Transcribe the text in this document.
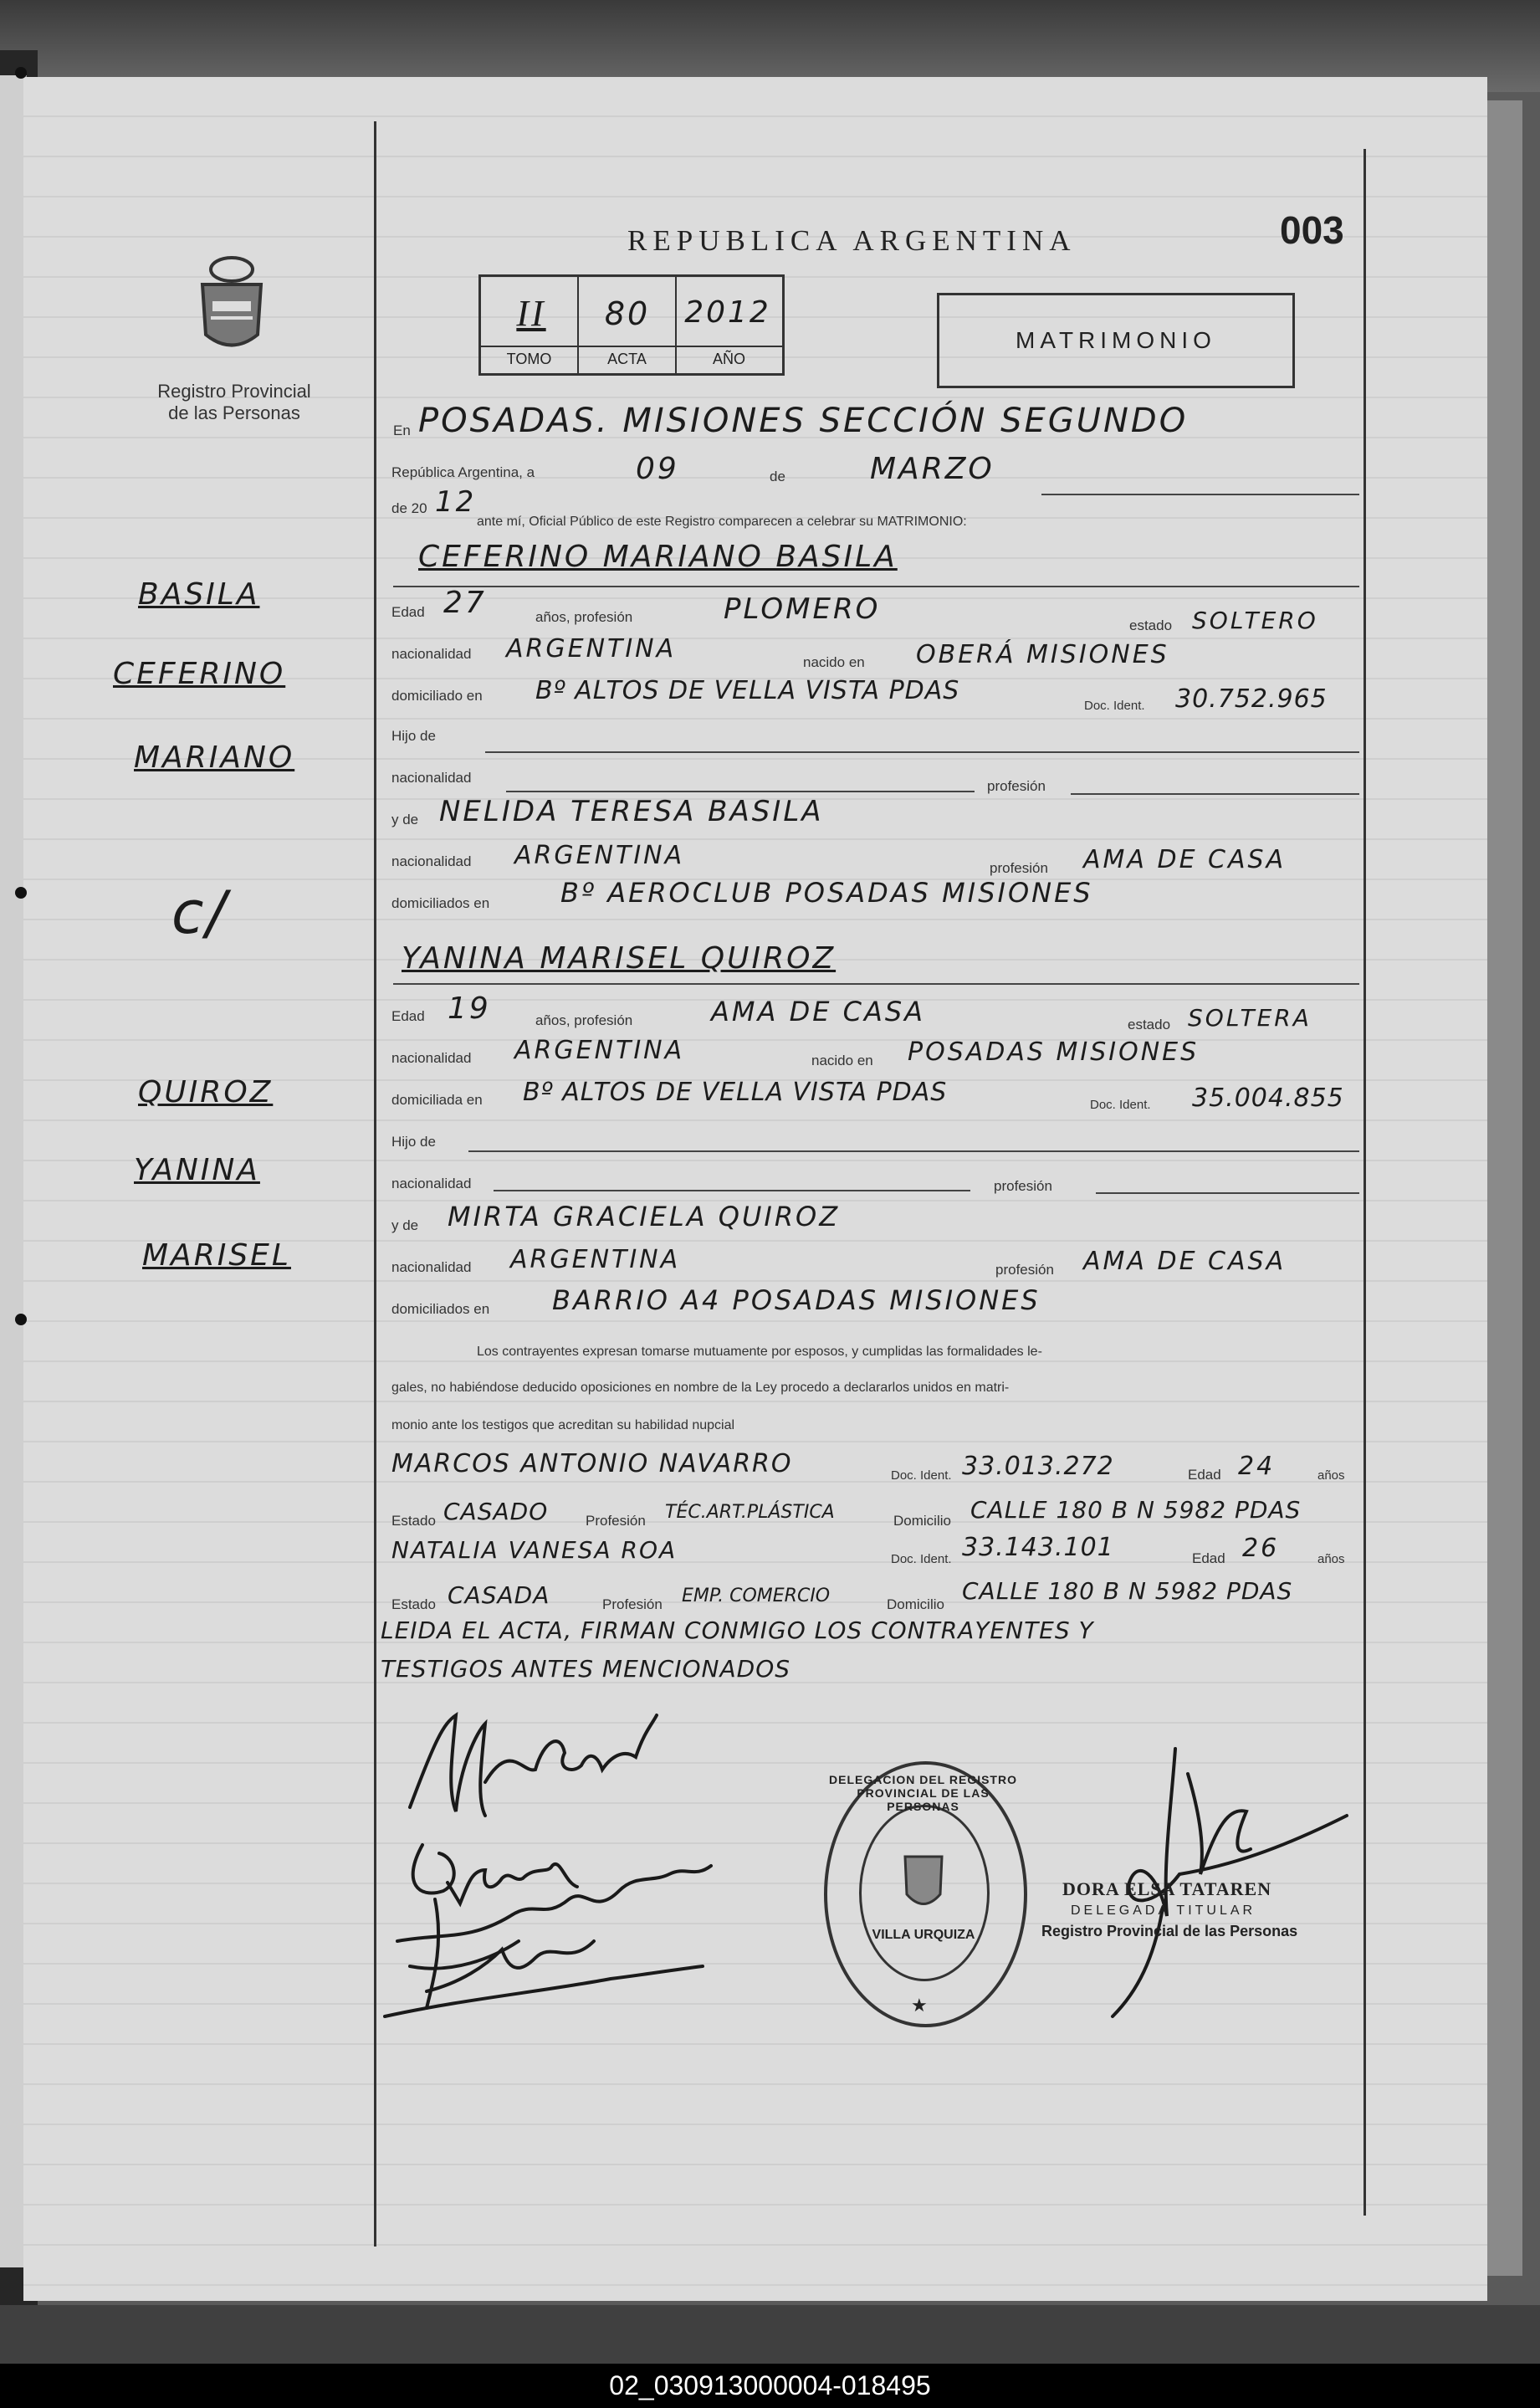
REPUBLICA ARGENTINA	003
Registro Provincial de las Personas
II	80	2012
TOMO	ACTA	AÑO
MATRIMONIO
BASILA
CEFERINO
MARIANO
c/
QUIROZ
YANINA
MARISEL
En POSADAS. MISIONES SECCIÓN SEGUNDO
República Argentina, a	09	de	MARZO
de 20 12
ante mí, Oficial Público de este Registro comparecen a celebrar su MATRIMONIO:
CEFERINO MARIANO BASILA
Edad 27	años, profesión	PLOMERO	estado SOLTERO
nacionalidad ARGENTINA	nacido en OBERÁ MISIONES
domiciliado en Bº ALTOS DE VELLA VISTA PDAS
Doc. Ident. 30.752.965
Hijo de
nacionalidad
profesión
y de NELIDA TERESA BASILA
nacionalidad ARGENTINA	profesión AMA DE CASA
domiciliados en	Bº AEROCLUB POSADAS MISIONES
YANINA MARISEL QUIROZ
Edad 19	años, profesión	AMA DE CASA	estado SOLTERA
nacionalidad ARGENTINA	nacido en POSADAS MISIONES
domiciliada en Bº ALTOS DE VELLA VISTA PDAS	Doc. Ident. 35.004.855
Hijo de
nacionalidad	profesión
y de MIRTA GRACIELA QUIROZ
nacionalidad ARGENTINA	profesión AMA DE CASA
domiciliados en BARRIO A4 POSADAS MISIONES
Los contrayentes expresan tomarse mutuamente por esposos, y cumplidas las formalidades le-
gales, no habiéndose deducido oposiciones en nombre de la Ley procedo a declararlos unidos en matri-
monio ante los testigos que acreditan su habilidad nupcial
MARCOS ANTONIO NAVARRO	Doc. Ident. 33.013.272	Edad 24	años
Estado CASADO	Profesión TÉC.ART.PLÁSTICA	Domicilio CALLE 180 B N 5982 PDAS
NATALIA VANESA ROA	Doc. Ident. 33.143.101	Edad 26	años
Estado CASADA	Profesión EMP. COMERCIO	Domicilio CALLE 180 B N 5982 PDAS
LEIDA EL ACTA, FIRMAN CONMIGO LOS CONTRAYENTES Y
TESTIGOS ANTES MENCIONADOS
DELEGACION DEL REGISTRO PROVINCIAL DE LAS PERSONAS
VILLA URQUIZA
★
DORA ELSA TATAREN
DELEGADA TITULAR
Registro Provincial de las Personas
02_030913000004-018495
